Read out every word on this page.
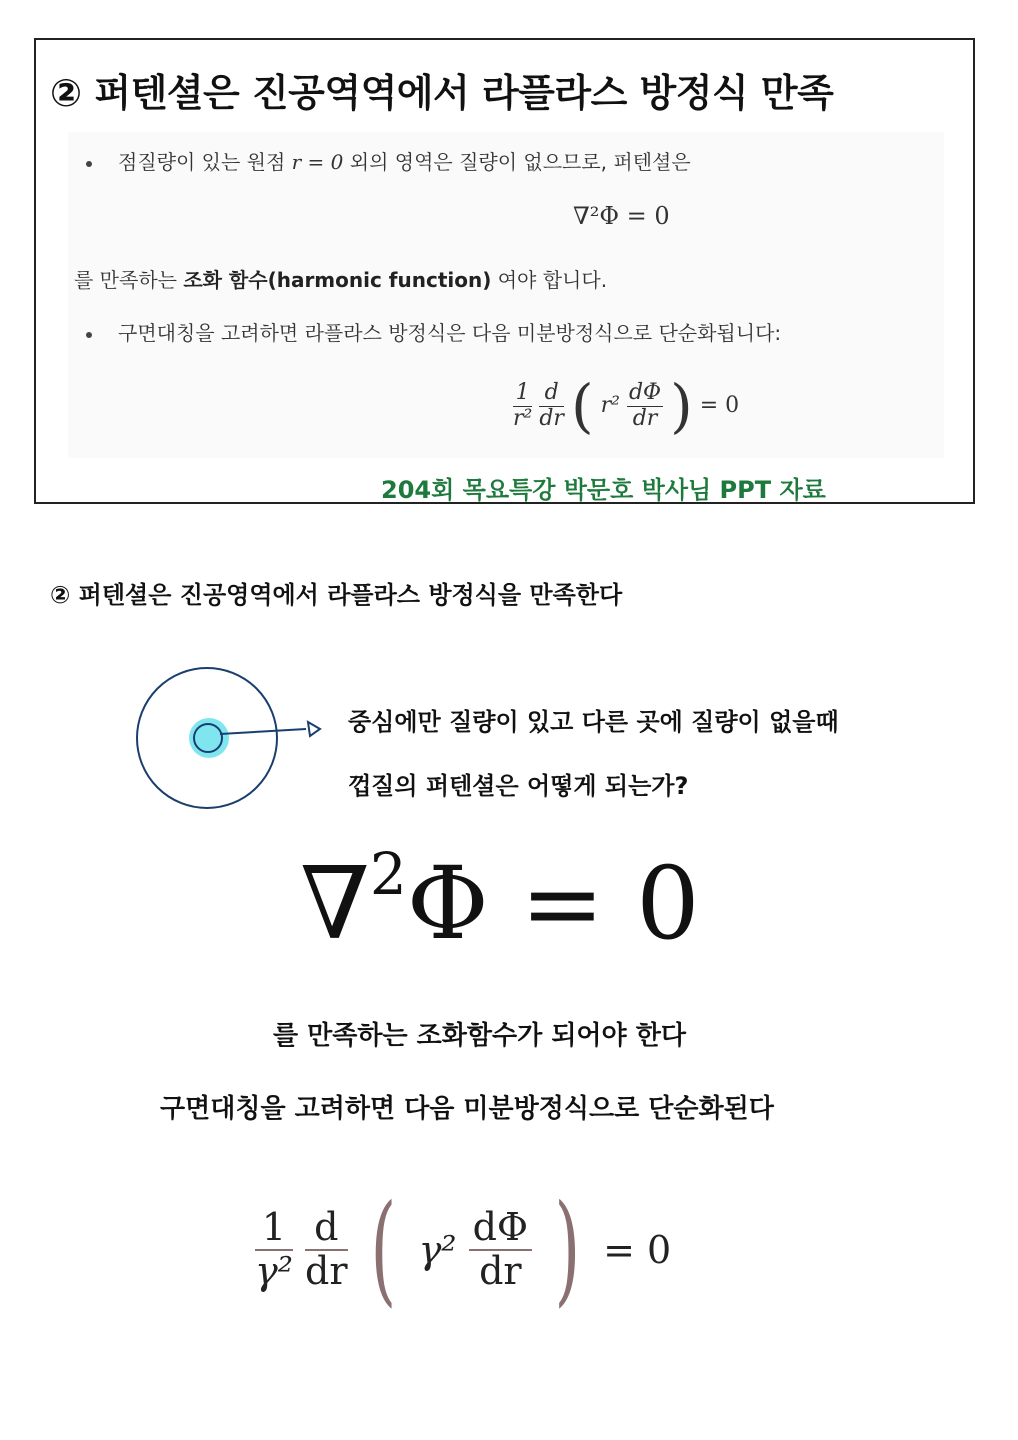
② 퍼텐셜은 진공역역에서 라플라스 방정식 만족
점질량이 있는 원점 r = 0 외의 영역은 질량이 없으므로, 퍼텐셜은
∇²Φ = 0
를 만족하는 조화 함수(harmonic function) 여야 합니다.
구면대칭을 고려하면 라플라스 방정식은 다음 미분방정식으로 단순화됩니다:
$\frac{1}{\text{r²}}$
$\frac{d}{dr}$ ( $r^2 \frac{d\Phi}{dr}$ ) = 0
204회 목요특강 박문호 박사님 PPT 자료
② 퍼텐셜은 진공영역에서 라플라스 방정식을 만족한다
중심에만 질량이 있고 다른 곳에 질량이 없을때
껍질의 퍼텐셜은 어떻게 되는가?
∇$^2$Φ = 0
를 만족하는 조화함수가 되어야 한다
구면대칭을 고려하면 다음 미분방정식으로 단순화된다
$\frac{1}{\text{γ²}}$
$\frac{d}{dr}$ ( $\gamma^2 \frac{d\Phi}{dr}$ ) = 0
